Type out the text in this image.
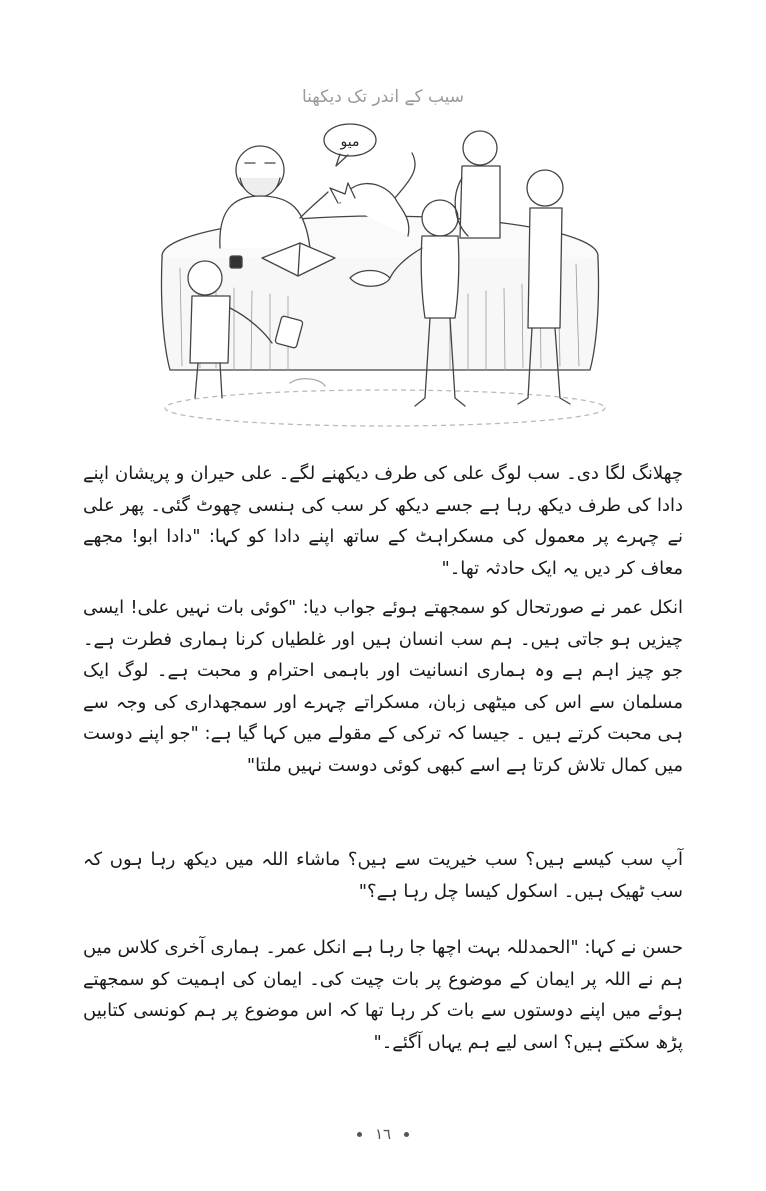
سیب کے اندر تک دیکھنا
میو

چھلانگ لگا دی۔ سب لوگ علی کی طرف دیکھنے لگے۔ علی حیران و پریشان اپنے دادا کی طرف دیکھ رہا ہے جسے دیکھ کر سب کی ہنسی چھوٹ گئی۔ پھر علی نے چہرے پر معمول کی مسکراہٹ کے ساتھ اپنے دادا کو کہا: "دادا ابو! مجھے معاف کر دیں یہ ایک حادثہ تھا۔"

انکل عمر نے صورتحال کو سمجھتے ہوئے جواب دیا: "کوئی بات نہیں علی! ایسی چیزیں ہو جاتی ہیں۔ ہم سب انسان ہیں اور غلطیاں کرنا ہماری فطرت ہے۔ جو چیز اہم ہے وہ ہماری انسانیت اور باہمی احترام و محبت ہے۔ لوگ ایک مسلمان سے اس کی میٹھی زبان، مسکراتے چہرے اور سمجھداری کی وجہ سے ہی محبت کرتے ہیں ۔ جیسا کہ ترکی کے مقولے میں کہا گیا ہے: "جو اپنے دوست میں کمال تلاش کرتا ہے اسے کبھی کوئی دوست نہیں ملتا"

آپ سب کیسے ہیں؟ سب خیریت سے ہیں؟ ماشاء اللہ میں دیکھ رہا ہوں کہ سب ٹھیک ہیں۔ اسکول کیسا چل رہا ہے؟"

حسن نے کہا: "الحمدللہ بہت اچھا جا رہا ہے انکل عمر۔ ہماری آخری کلاس میں ہم نے اللہ پر ایمان کے موضوع پر بات چیت کی۔ ایمان کی اہمیت کو سمجھتے ہوئے میں اپنے دوستوں سے بات کر رہا تھا کہ اس موضوع پر ہم کونسی کتابیں پڑھ سکتے ہیں؟ اسی لیے ہم یہاں آگئے۔"

١٦
